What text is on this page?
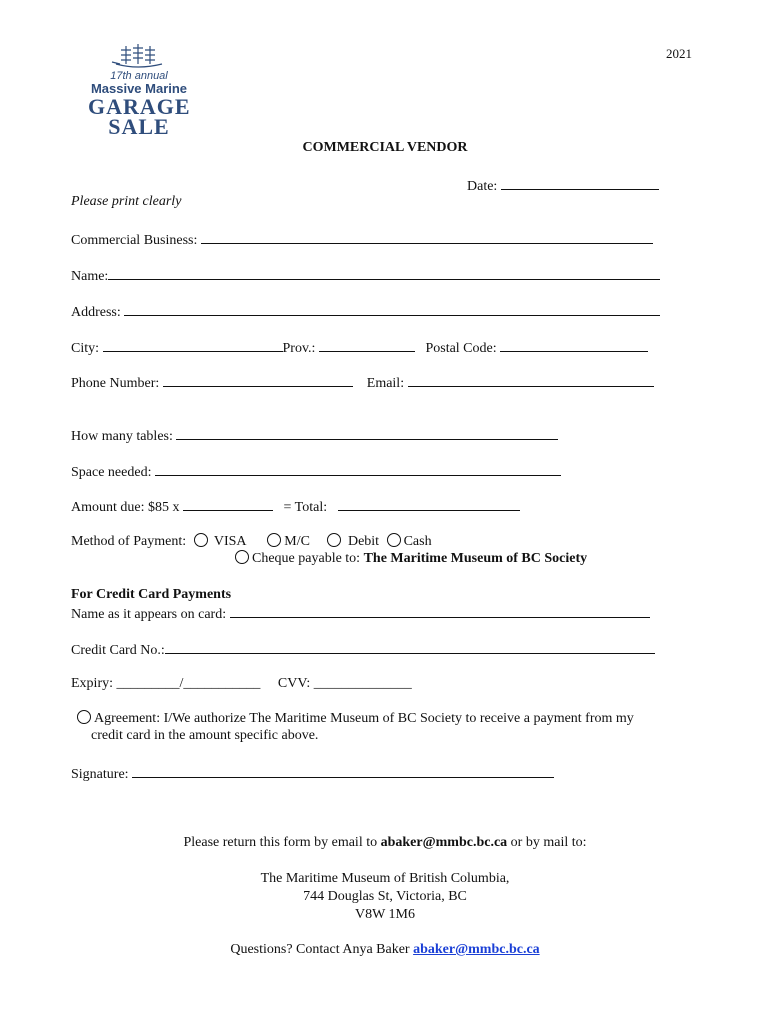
17th annual
Massive Marine
GARAGE
SALE
2021
COMMERCIAL VENDOR
Date:
Please print clearly
Commercial Business:
Name:
Address:
City:	Prov.:	Postal Code:
Phone Number:	Email:
How many tables:
Space needed:
Amount due: $85 x	= Total:
Method of Payment: VISA	M/C	Debit Cash
Cheque payable to: The Maritime Museum of BC Society
For Credit Card Payments
Name as it appears on card:
Credit Card No.:
Expiry: _________/___________ CVV: ______________
Agreement: I/We authorize The Maritime Museum of BC Society to receive a payment from my
credit card in the amount specific above.
Signature:
Please return this form by email to abaker@mmbc.bc.ca or by mail to:
The Maritime Museum of British Columbia,
744 Douglas St, Victoria, BC
V8W 1M6
Questions? Contact Anya Baker abaker@mmbc.bc.ca
